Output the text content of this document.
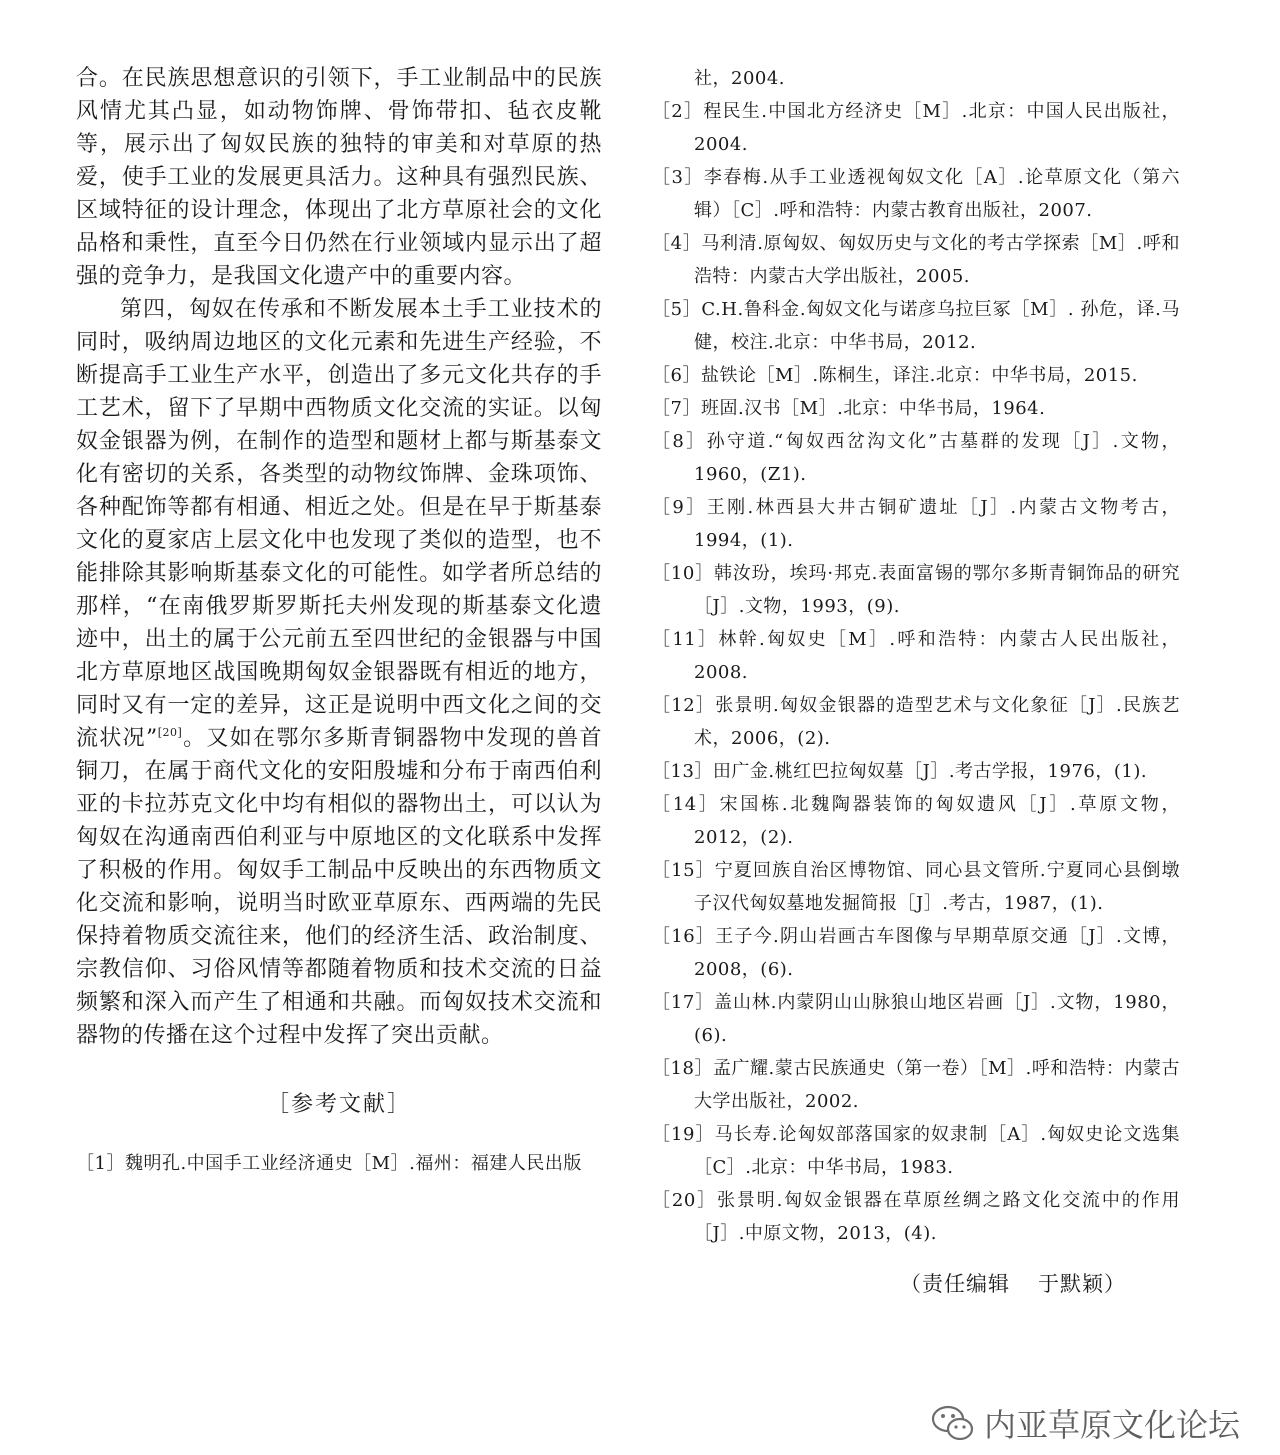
合。在民族思想意识的引领下，手工业制品中的民族风情尤其凸显，如动物饰牌、骨饰带扣、毡衣皮靴等，展示出了匈奴民族的独特的审美和对草原的热爱，使手工业的发展更具活力。这种具有强烈民族、区域特征的设计理念，体现出了北方草原社会的文化品格和秉性，直至今日仍然在行业领域内显示出了超强的竞争力，是我国文化遗产中的重要内容。

第四，匈奴在传承和不断发展本土手工业技术的同时，吸纳周边地区的文化元素和先进生产经验，不断提高手工业生产水平，创造出了多元文化共存的手工艺术，留下了早期中西物质文化交流的实证。以匈奴金银器为例，在制作的造型和题材上都与斯基泰文化有密切的关系，各类型的动物纹饰牌、金珠项饰、各种配饰等都有相通、相近之处。但是在早于斯基泰文化的夏家店上层文化中也发现了类似的造型，也不能排除其影响斯基泰文化的可能性。如学者所总结的那样，“在南俄罗斯罗斯托夫州发现的斯基泰文化遗迹中，出土的属于公元前五至四世纪的金银器与中国北方草原地区战国晚期匈奴金银器既有相近的地方，同时又有一定的差异，这正是说明中西文化之间的交流状况”[20]。又如在鄂尔多斯青铜器物中发现的兽首铜刀，在属于商代文化的安阳殷墟和分布于南西伯利亚的卡拉苏克文化中均有相似的器物出土，可以认为匈奴在沟通南西伯利亚与中原地区的文化联系中发挥了积极的作用。匈奴手工制品中反映出的东西物质文化交流和影响，说明当时欧亚草原东、西两端的先民保持着物质交流往来，他们的经济生活、政治制度、宗教信仰、习俗风情等都随着物质和技术交流的日益频繁和深入而产生了相通和共融。而匈奴技术交流和器物的传播在这个过程中发挥了突出贡献。

［参考文献］

［1］魏明孔.中国手工业经济通史［M］.福州：福建人民出版

社，2004.

［2］程民生.中国北方经济史［M］.北京：中国人民出版社，2004.

［3］李春梅.从手工业透视匈奴文化［A］.论草原文化（第六辑）［C］.呼和浩特：内蒙古教育出版社，2007.

［4］马利清.原匈奴、匈奴历史与文化的考古学探索［M］.呼和浩特：内蒙古大学出版社，2005.

［5］C.H.鲁科金.匈奴文化与诺彦乌拉巨冢［M］. 孙危，译.马健，校注.北京：中华书局，2012.

［6］盐铁论［M］.陈桐生，译注.北京：中华书局，2015.

［7］班固.汉书［M］.北京：中华书局，1964.

［8］孙守道.“匈奴西岔沟文化”古墓群的发现［J］.文物，1960，(Z1).

［9］王刚.林西县大井古铜矿遗址［J］.内蒙古文物考古，1994，(1).

［10］韩汝玢，埃玛·邦克.表面富锡的鄂尔多斯青铜饰品的研究［J］.文物，1993，(9).

［11］林幹.匈奴史［M］.呼和浩特：内蒙古人民出版社，2008.

［12］张景明.匈奴金银器的造型艺术与文化象征［J］.民族艺术，2006，(2).

［13］田广金.桃红巴拉匈奴墓［J］.考古学报，1976，(1).

［14］宋国栋.北魏陶器装饰的匈奴遗风［J］.草原文物，2012，(2).

［15］宁夏回族自治区博物馆、同心县文管所.宁夏同心县倒墩子汉代匈奴墓地发掘简报［J］.考古，1987，(1).

［16］王子今.阴山岩画古车图像与早期草原交通［J］.文博，2008，(6).

［17］盖山林.内蒙阴山山脉狼山地区岩画［J］.文物，1980，(6).

［18］孟广耀.蒙古民族通史（第一卷）［M］.呼和浩特：内蒙古大学出版社，2002.

［19］马长寿.论匈奴部落国家的奴隶制［A］.匈奴史论文选集［C］.北京：中华书局，1983.

［20］张景明.匈奴金银器在草原丝绸之路文化交流中的作用［J］.中原文物，2013，(4).

（责任编辑 于默颖）
内亚草原文化论坛
